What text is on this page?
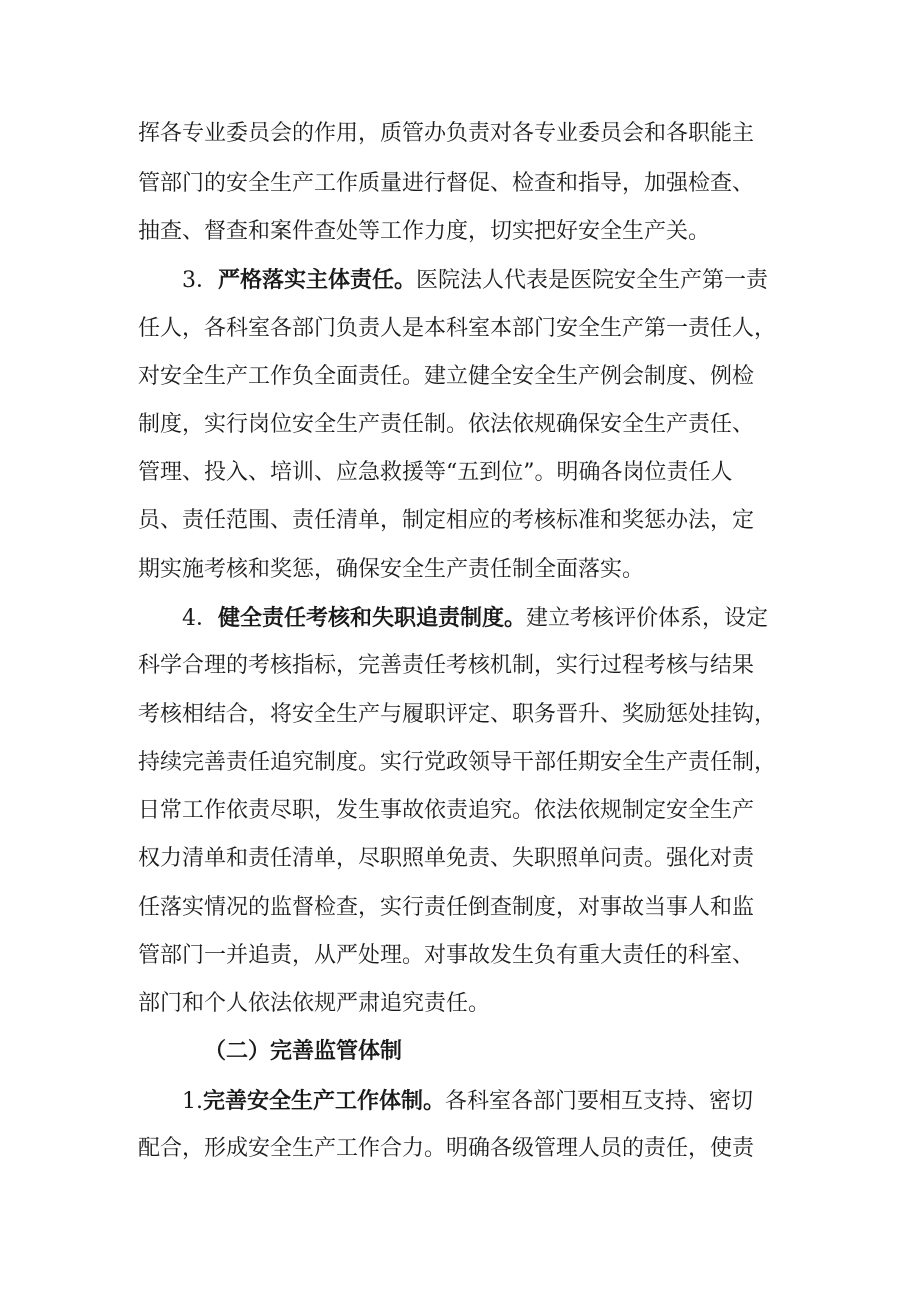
挥各专业委员会的作用，质管办负责对各专业委员会和各职能主
管部门的安全生产工作质量进行督促、检查和指导，加强检查、
抽查、督查和案件查处等工作力度，切实把好安全生产关。
3．严格落实主体责任。医院法人代表是医院安全生产第一责
任人，各科室各部门负责人是本科室本部门安全生产第一责任人，
对安全生产工作负全面责任。建立健全安全生产例会制度、例检
制度，实行岗位安全生产责任制。依法依规确保安全生产责任、
管理、投入、培训、应急救援等“五到位”。明确各岗位责任人
员、责任范围、责任清单，制定相应的考核标准和奖惩办法，定
期实施考核和奖惩，确保安全生产责任制全面落实。
4．健全责任考核和失职追责制度。建立考核评价体系，设定
科学合理的考核指标，完善责任考核机制，实行过程考核与结果
考核相结合，将安全生产与履职评定、职务晋升、奖励惩处挂钩，
持续完善责任追究制度。实行党政领导干部任期安全生产责任制，
日常工作依责尽职，发生事故依责追究。依法依规制定安全生产
权力清单和责任清单，尽职照单免责、失职照单问责。强化对责
任落实情况的监督检查，实行责任倒查制度，对事故当事人和监
管部门一并追责，从严处理。对事故发生负有重大责任的科室、
部门和个人依法依规严肃追究责任。
（二）完善监管体制
1.完善安全生产工作体制。各科室各部门要相互支持、密切
配合，形成安全生产工作合力。明确各级管理人员的责任，使责
